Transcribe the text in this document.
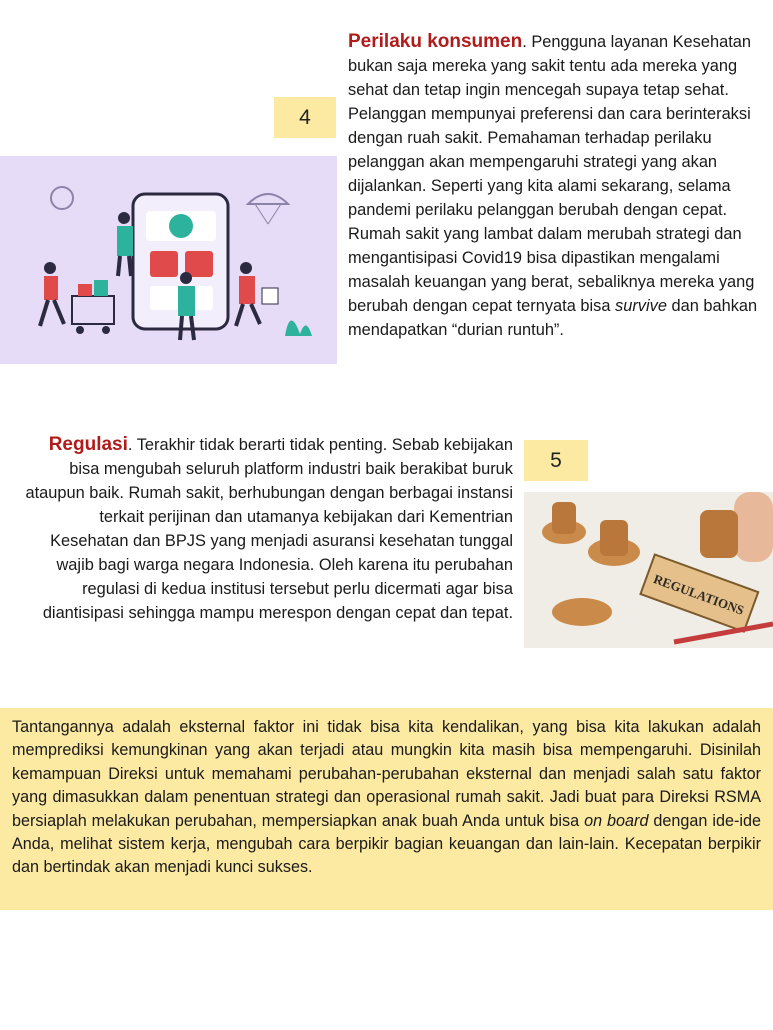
4
Perilaku konsumen. Pengguna layanan Kesehatan bukan saja mereka yang sakit tentu ada mereka yang sehat dan tetap ingin mencegah supaya tetap sehat. Pelanggan mempunyai preferensi dan cara berinteraksi dengan ruah sakit. Pemahaman terhadap perilaku pelanggan akan mempengaruhi strategi yang akan dijalankan. Seperti yang kita alami sekarang, selama pandemi perilaku pelanggan berubah dengan cepat. Rumah sakit yang lambat dalam merubah strategi dan mengantisipasi Covid19 bisa dipastikan mengalami masalah keuangan yang berat, sebaliknya mereka yang berubah dengan cepat ternyata bisa survive dan bahkan mendapatkan “durian runtuh”.
Regulasi. Terakhir tidak berarti tidak penting. Sebab kebijakan bisa mengubah seluruh platform industri baik berakibat buruk ataupun baik. Rumah sakit, berhubungan dengan berbagai instansi terkait perijinan dan utamanya kebijakan dari Kementrian Kesehatan dan BPJS yang menjadi asuransi kesehatan tunggal wajib bagi warga negara Indonesia. Oleh karena itu perubahan regulasi di kedua institusi tersebut perlu dicermati agar bisa diantisipasi sehingga mampu merespon dengan cepat dan tepat.
5
REGULATIONS
Tantangannya adalah eksternal faktor ini tidak bisa kita kendalikan, yang bisa kita lakukan adalah memprediksi kemungkinan yang akan terjadi atau mungkin kita masih bisa mempengaruhi. Disinilah kemampuan Direksi untuk memahami perubahan-perubahan eksternal dan menjadi salah satu faktor yang dimasukkan dalam penentuan strategi dan operasional rumah sakit. Jadi buat para Direksi RSMA bersiaplah melakukan perubahan, mempersiapkan anak buah Anda untuk bisa on board dengan ide-ide Anda, melihat sistem kerja, mengubah cara berpikir bagian keuangan dan lain-lain. Kecepatan berpikir dan bertindak akan menjadi kunci sukses.
